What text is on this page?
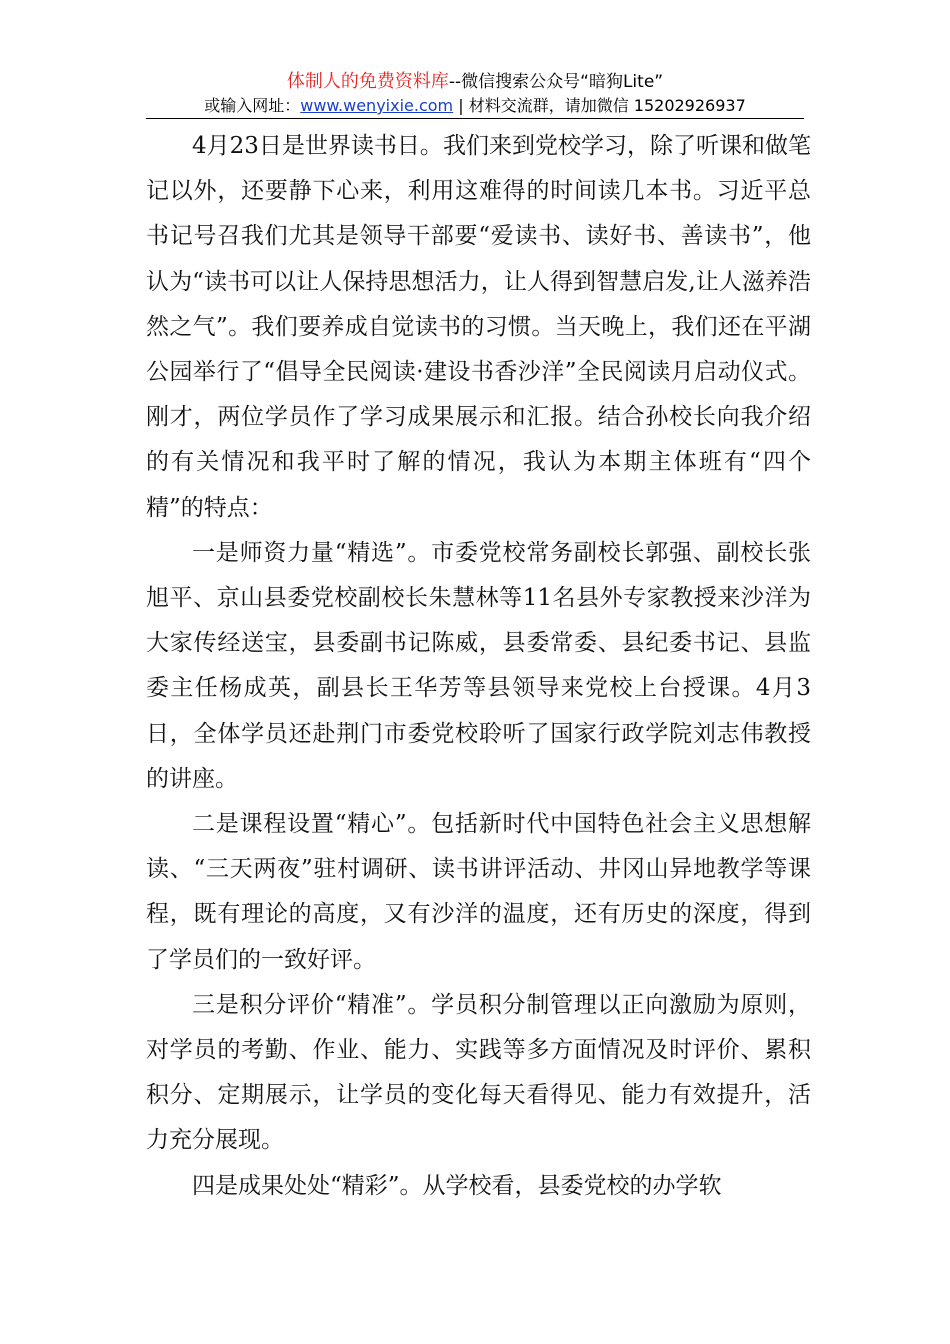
体制人的免费资料库--微信搜索公众号“暗狗Lite”
或输入网址：www.wenyixie.com | 材料交流群，请加微信 15202926937

4月23日是世界读书日。我们来到党校学习，除了听课和做笔记以外，还要静下心来，利用这难得的时间读几本书。习近平总书记号召我们尤其是领导干部要“爱读书、读好书、善读书”，他认为“读书可以让人保持思想活力，让人得到智慧启发,让人滋养浩然之气”。我们要养成自觉读书的习惯。当天晚上，我们还在平湖公园举行了“倡导全民阅读·建设书香沙洋”全民阅读月启动仪式。刚才，两位学员作了学习成果展示和汇报。结合孙校长向我介绍的有关情况和我平时了解的情况，我认为本期主体班有“四个精”的特点：

一是师资力量“精选”。市委党校常务副校长郭强、副校长张旭平、京山县委党校副校长朱慧林等11名县外专家教授来沙洋为大家传经送宝，县委副书记陈威，县委常委、县纪委书记、县监委主任杨成英，副县长王华芳等县领导来党校上台授课。4月3日，全体学员还赴荆门市委党校聆听了国家行政学院刘志伟教授的讲座。

二是课程设置“精心”。包括新时代中国特色社会主义思想解读、“三天两夜”驻村调研、读书讲评活动、井冈山异地教学等课程，既有理论的高度，又有沙洋的温度，还有历史的深度，得到了学员们的一致好评。

三是积分评价“精准”。学员积分制管理以正向激励为原则，对学员的考勤、作业、能力、实践等多方面情况及时评价、累积积分、定期展示，让学员的变化每天看得见、能力有效提升，活力充分展现。

四是成果处处“精彩”。从学校看，县委党校的办学软
